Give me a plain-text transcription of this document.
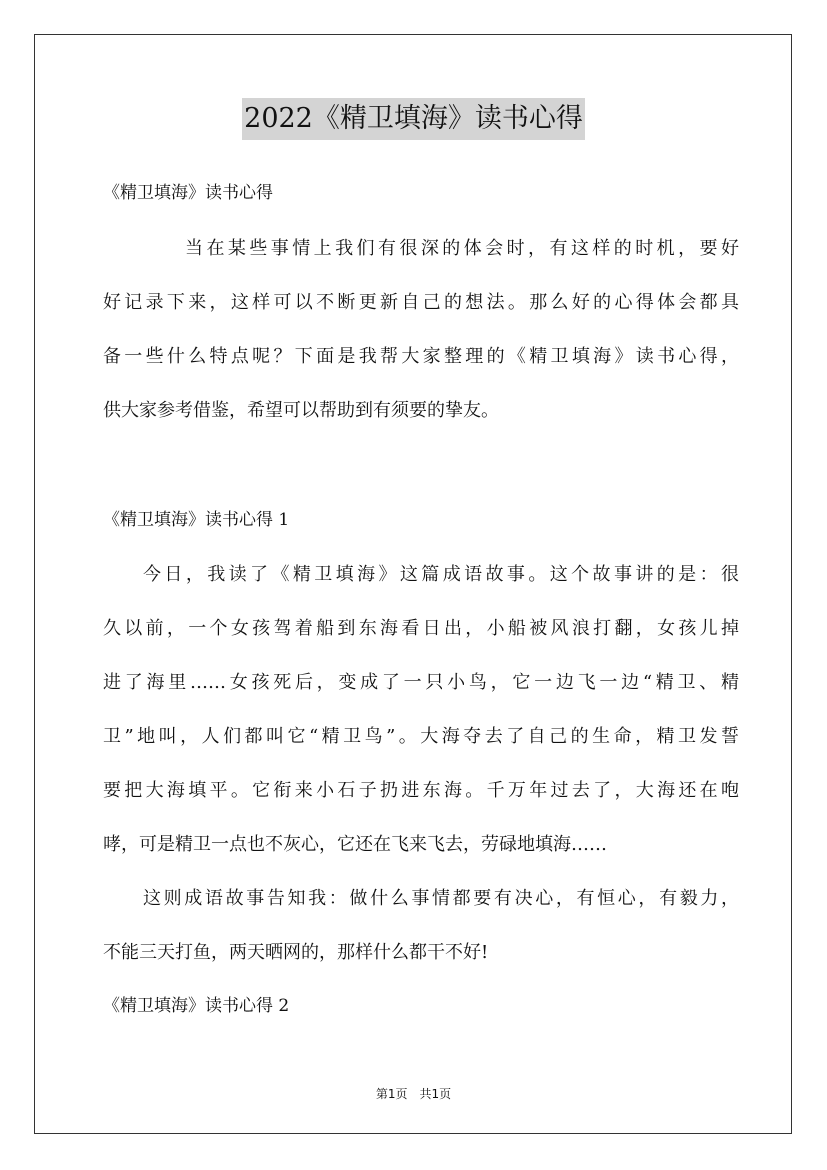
2022《精卫填海》读书心得
《精卫填海》读书心得
当在某些事情上我们有很深的体会时，有这样的时机，要好
好记录下来，这样可以不断更新自己的想法。那么好的心得体会都具
备一些什么特点呢？下面是我帮大家整理的《精卫填海》读书心得，
供大家参考借鉴，希望可以帮助到有须要的挚友。
《精卫填海》读书心得 1
今日，我读了《精卫填海》这篇成语故事。这个故事讲的是：很
久以前，一个女孩驾着船到东海看日出，小船被风浪打翻，女孩儿掉
进了海里……女孩死后，变成了一只小鸟，它一边飞一边“精卫、精
卫”地叫，人们都叫它“精卫鸟”。大海夺去了自己的生命，精卫发誓
要把大海填平。它衔来小石子扔进东海。千万年过去了，大海还在咆
哮，可是精卫一点也不灰心，它还在飞来飞去，劳碌地填海……
这则成语故事告知我：做什么事情都要有决心，有恒心，有毅力，
不能三天打鱼，两天晒网的，那样什么都干不好!
《精卫填海》读书心得 2
第1页　共1页
